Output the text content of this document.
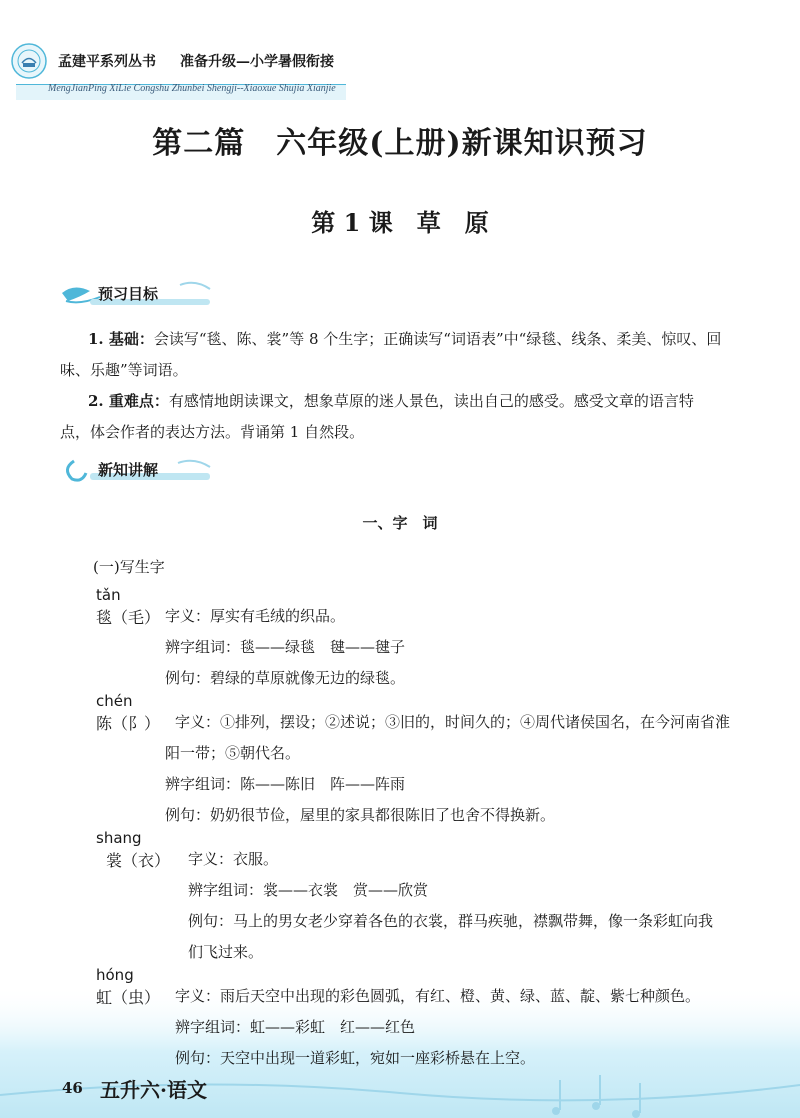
孟建平系列丛书 准备升级—小学暑假衔接
MengJianPing XiLie Congshu Zhunbei Shengji--Xiaoxue Shujia Xianjie
第二篇　六年级(上册)新课知识预习
第 1 课　草　原
预习目标
1. 基础：会读写“毯、陈、裳”等 8 个生字；正确读写“词语表”中“绿毯、线条、柔美、惊叹、回
味、乐趣”等词语。
2. 重难点：有感情地朗读课文，想象草原的迷人景色，读出自己的感受。感受文章的语言特
点，体会作者的表达方法。背诵第 1 自然段。
新知讲解
一、字　词
(一)写生字
tǎn
毯（毛） 字义：厚实有毛绒的织品。
辨字组词：毯——绿毯　毽——毽子
例句：碧绿的草原就像无边的绿毯。
chén
陈（阝） 字义：①排列，摆设；②述说；③旧的，时间久的；④周代诸侯国名，在今河南省淮
阳一带；⑤朝代名。
辨字组词：陈——陈旧　阵——阵雨
例句：奶奶很节俭，屋里的家具都很陈旧了也舍不得换新。
shang
裳（衣） 字义：衣服。
辨字组词：裳——衣裳　赏——欣赏
例句：马上的男女老少穿着各色的衣裳，群马疾驰，襟飘带舞，像一条彩虹向我
们飞过来。
hóng
虹（虫） 字义：雨后天空中出现的彩色圆弧，有红、橙、黄、绿、蓝、靛、紫七种颜色。
辨字组词：虹——彩虹　红——红色
例句：天空中出现一道彩虹，宛如一座彩桥悬在上空。
46 五升六·语文
